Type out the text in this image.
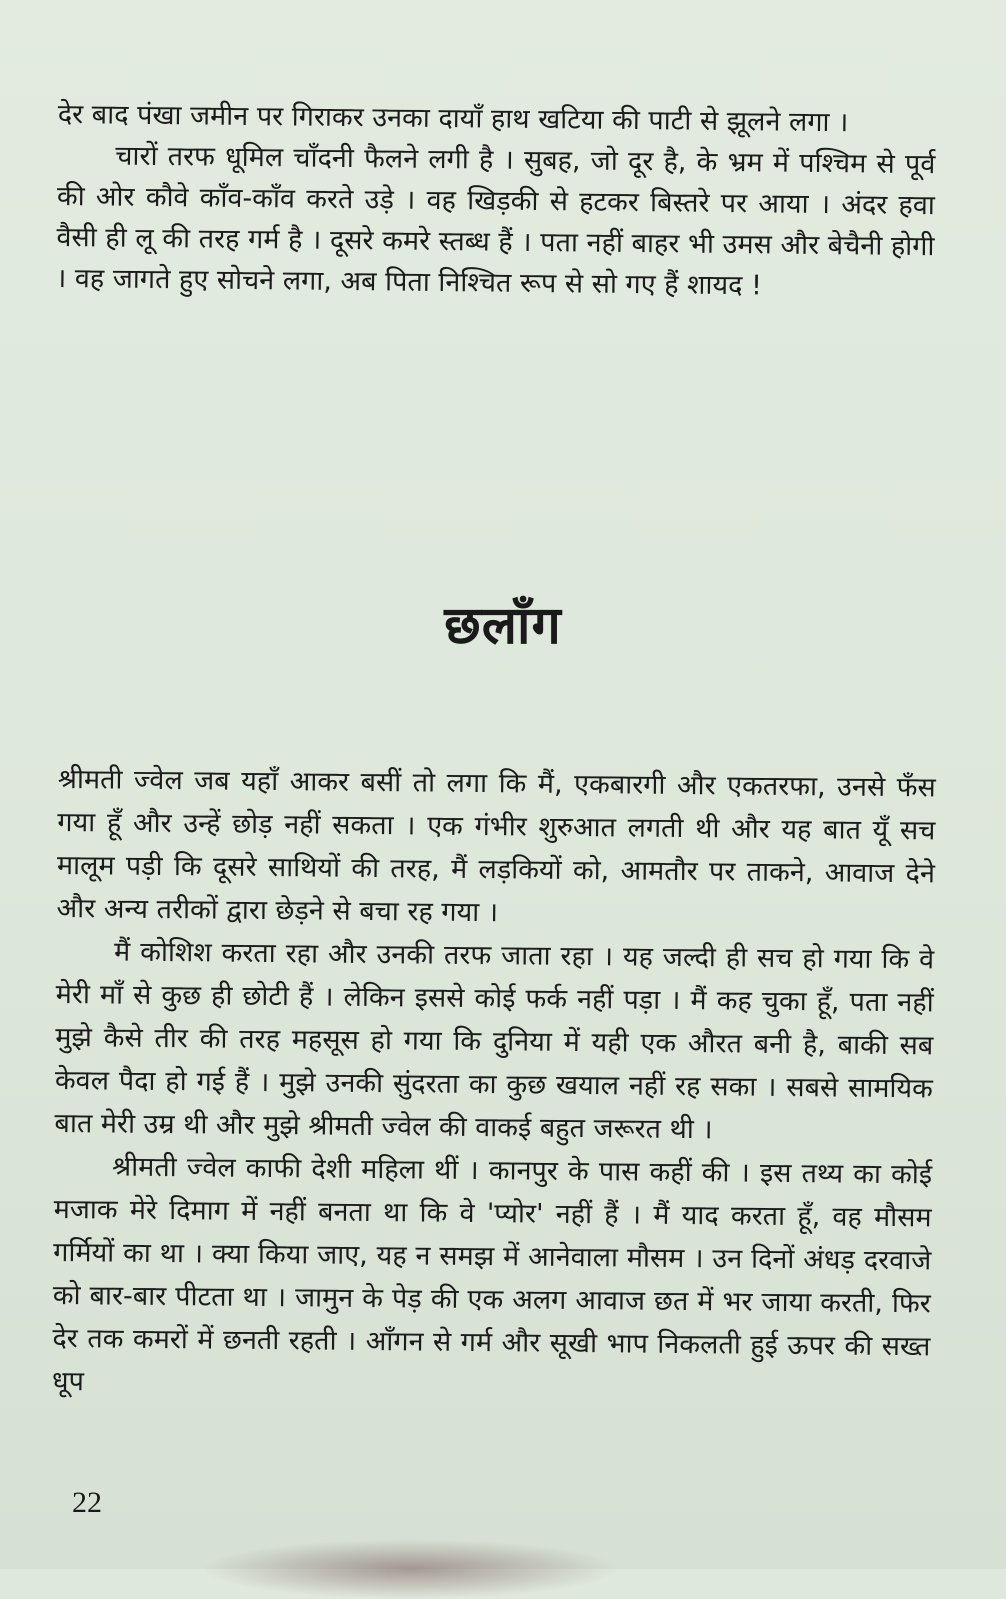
देर बाद पंखा जमीन पर गिराकर उनका दायाँ हाथ खटिया की पाटी से झूलने लगा ।

चारों तरफ धूमिल चाँदनी फैलने लगी है । सुबह, जो दूर है, के भ्रम में पश्चिम से पूर्व की ओर कौवे काँव-काँव करते उड़े । वह खिड़की से हटकर बिस्तरे पर आया । अंदर हवा वैसी ही लू की तरह गर्म है । दूसरे कमरे स्तब्ध हैं । पता नहीं बाहर भी उमस और बेचैनी होगी । वह जागते हुए सोचने लगा, अब पिता निश्चित रूप से सो गए हैं शायद !

छलाँग

श्रीमती ज्वेल जब यहाँ आकर बसीं तो लगा कि मैं, एकबारगी और एकतरफा, उनसे फँस गया हूँ और उन्हें छोड़ नहीं सकता । एक गंभीर शुरुआत लगती थी और यह बात यूँ सच मालूम पड़ी कि दूसरे साथियों की तरह, मैं लड़कियों को, आमतौर पर ताकने, आवाज देने और अन्य तरीकों द्वारा छेड़ने से बचा रह गया ।

मैं कोशिश करता रहा और उनकी तरफ जाता रहा । यह जल्दी ही सच हो गया कि वे मेरी माँ से कुछ ही छोटी हैं । लेकिन इससे कोई फर्क नहीं पड़ा । मैं कह चुका हूँ, पता नहीं मुझे कैसे तीर की तरह महसूस हो गया कि दुनिया में यही एक औरत बनी है, बाकी सब केवल पैदा हो गई हैं । मुझे उनकी सुंदरता का कुछ खयाल नहीं रह सका । सबसे सामयिक बात मेरी उम्र थी और मुझे श्रीमती ज्वेल की वाकई बहुत जरूरत थी ।

श्रीमती ज्वेल काफी देशी महिला थीं । कानपुर के पास कहीं की । इस तथ्य का कोई मजाक मेरे दिमाग में नहीं बनता था कि वे 'प्योर' नहीं हैं । मैं याद करता हूँ, वह मौसम गर्मियों का था । क्या किया जाए, यह न समझ में आनेवाला मौसम । उन दिनों अंधड़ दरवाजे को बार-बार पीटता था । जामुन के पेड़ की एक अलग आवाज छत में भर जाया करती, फिर देर तक कमरों में छनती रहती । आँगन से गर्म और सूखी भाप निकलती हुई ऊपर की सख्त धूप

22
